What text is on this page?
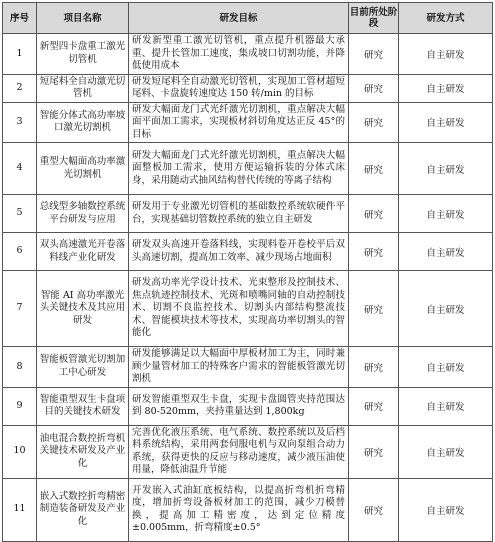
序号	项目名称	研发目标	目前所处阶段	研发方式
1	新型四卡盘重工激光切管机	研发新型重工激光切管机，重点提升机器最大承重、提升长管加工速度，集成坡口切割功能，并降低使用成本	研究	自主研发
2	短尾料全自动激光切管机	研发短尾料全自动激光切管机，实现加工管材超短尾料、卡盘旋转速度达 150 转/min 的目标	研究	自主研发
3	智能分体式高功率坡口激光切割机	研发大幅面龙门式光纤激光切割机，重点解决大幅面平面加工需求，实现板材斜切角度达正反 45°的目标	研究	自主研发
4	重型大幅面高功率激光切割机	研发大幅面龙门式光纤激光切割机，重点解决大幅面整板加工需求，使用方便运输拆装的分体式床身，采用随动式抽风结构替代传统的等离子结构	研究	自主研发
5	总线型多轴数控系统平台研发与应用	研发用于专业激光切管机的基础数控系统软硬件平台，实现基础切管数控系统的独立自主研发	研究	自主研发
6	双头高速激光开卷落料线产业化研发	研发双头高速开卷落料线，实现料卷开卷校平后双头高速切割，提高加工效率、减少现场占地面积	研究	自主研发
7	智能 AI 高功率激光头关键技术及其应用研发	研发高功率光学设计技术、光束整形及控制技术、焦点轨迹控制技术、光斑和喷嘴同轴的自动控制技术、切割不良监控技术、切割头内部结构整流技术、智能模块技术等技术，实现高功率切割头的智能化	研究	自主研发
8	智能板管激光切割加工中心研发	研发能够满足以大幅面中厚板材加工为主，同时兼顾少量管材加工的特殊客户需求的智能板管激光切割机	研究	自主研发
9	智能重型双生卡盘项目的关键技术研发	研发智能重型双生卡盘，实现卡盘圆管夹持范围达到 80-520mm，夹持重量达到 1,800kg	研究	自主研发
10	油电混合数控折弯机关键技术研发及产业化	完善优化液压系统、电气系统、数控系统以及后档料系统结构，采用两套伺服电机与双向泵组合动力系统，获得更快的反应与移动速度，减少液压油使用量，降低油温升节能	研究	自主研发
11	嵌入式数控折弯精密制造装备研发及产业化	开发嵌入式油缸底板结构，以提高折弯机折弯精度，增加折弯设备板材加工的范围，减少刀模替换，提高加工精密度，达到定位精度±0.005mm，折弯精度±0.5°	研究	自主研发
